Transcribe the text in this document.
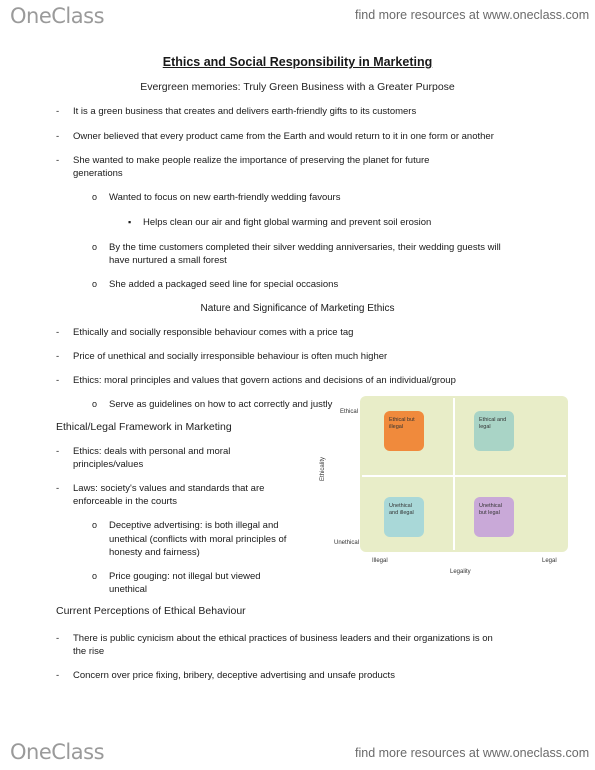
OneClass	find more resources at www.oneclass.com
Ethics and Social Responsibility in Marketing
Evergreen memories: Truly Green Business with a Greater Purpose
- It is a green business that creates and delivers earth-friendly gifts to its customers
- Owner believed that every product came from the Earth and would return to it in one form or another
- She wanted to make people realize the importance of preserving the planet for future
generations
o Wanted to focus on new earth-friendly wedding favours
▪ Helps clean our air and fight global warming and prevent soil erosion
o By the time customers completed their silver wedding anniversaries, their wedding guests will
have nurtured a small forest
o She added a packaged seed line for special occasions
Nature and Significance of Marketing Ethics
- Ethically and socially responsible behaviour comes with a price tag
- Price of unethical and socially irresponsible behaviour is often much higher
- Ethics: moral principles and values that govern actions and decisions of an individual/group
o Serve as guidelines on how to act correctly and justly
Ethical/Legal Framework in Marketing
- Ethics: deals with personal and moral
principles/values
- Laws: society's values and standards that are
enforceable in the courts
o Deceptive advertising: is both illegal and
unethical (conflicts with moral principles of
honesty and fairness)
o Price gouging: not illegal but viewed
unethical
Ethical but illegal
Ethical and legal
Unethical and illegal
Unethical but legal
Ethical
Unethical
Ethicality
Illegal	Legal
Legality
Current Perceptions of Ethical Behaviour
- There is public cynicism about the ethical practices of business leaders and their organizations is on
the rise
- Concern over price fixing, bribery, deceptive advertising and unsafe products
OneClass	find more resources at www.oneclass.com
